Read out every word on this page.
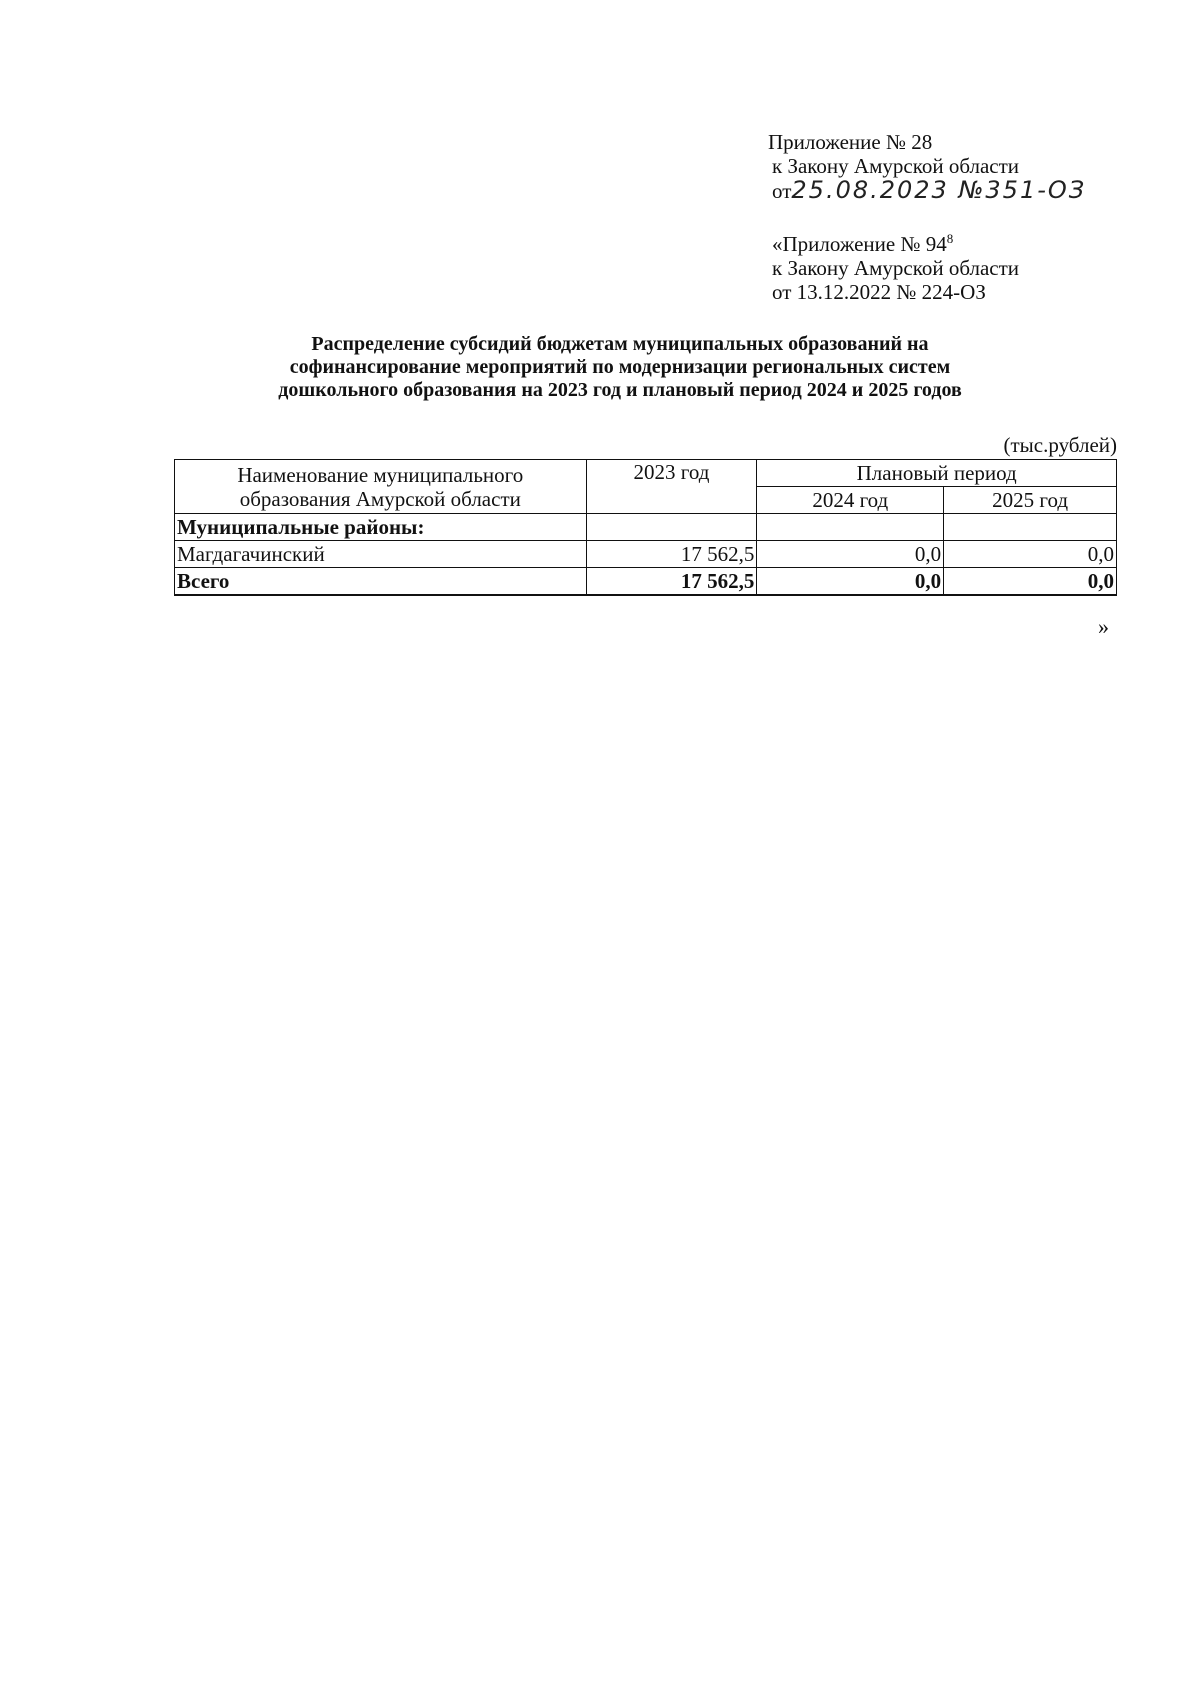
Приложение № 28
к Закону Амурской области
от25.08.2023 №351-ОЗ
«Приложение № $94^8$
к Закону Амурской области
от 13.12.2022 № 224-ОЗ
Распределение субсидий бюджетам муниципальных образований на
софинансирование мероприятий по модернизации региональных систем
дошкольного образования на 2023 год и плановый период 2024 и 2025 годов
(тыс.рублей)
Наименование муниципального
образования Амурской области	2023 год	Плановый период	
		2024 год	2025 год
Муниципальные районы:			
Магдагачинский	17 562,5	0,0	0,0
Всего	17 562,5	0,0	0,0
»
